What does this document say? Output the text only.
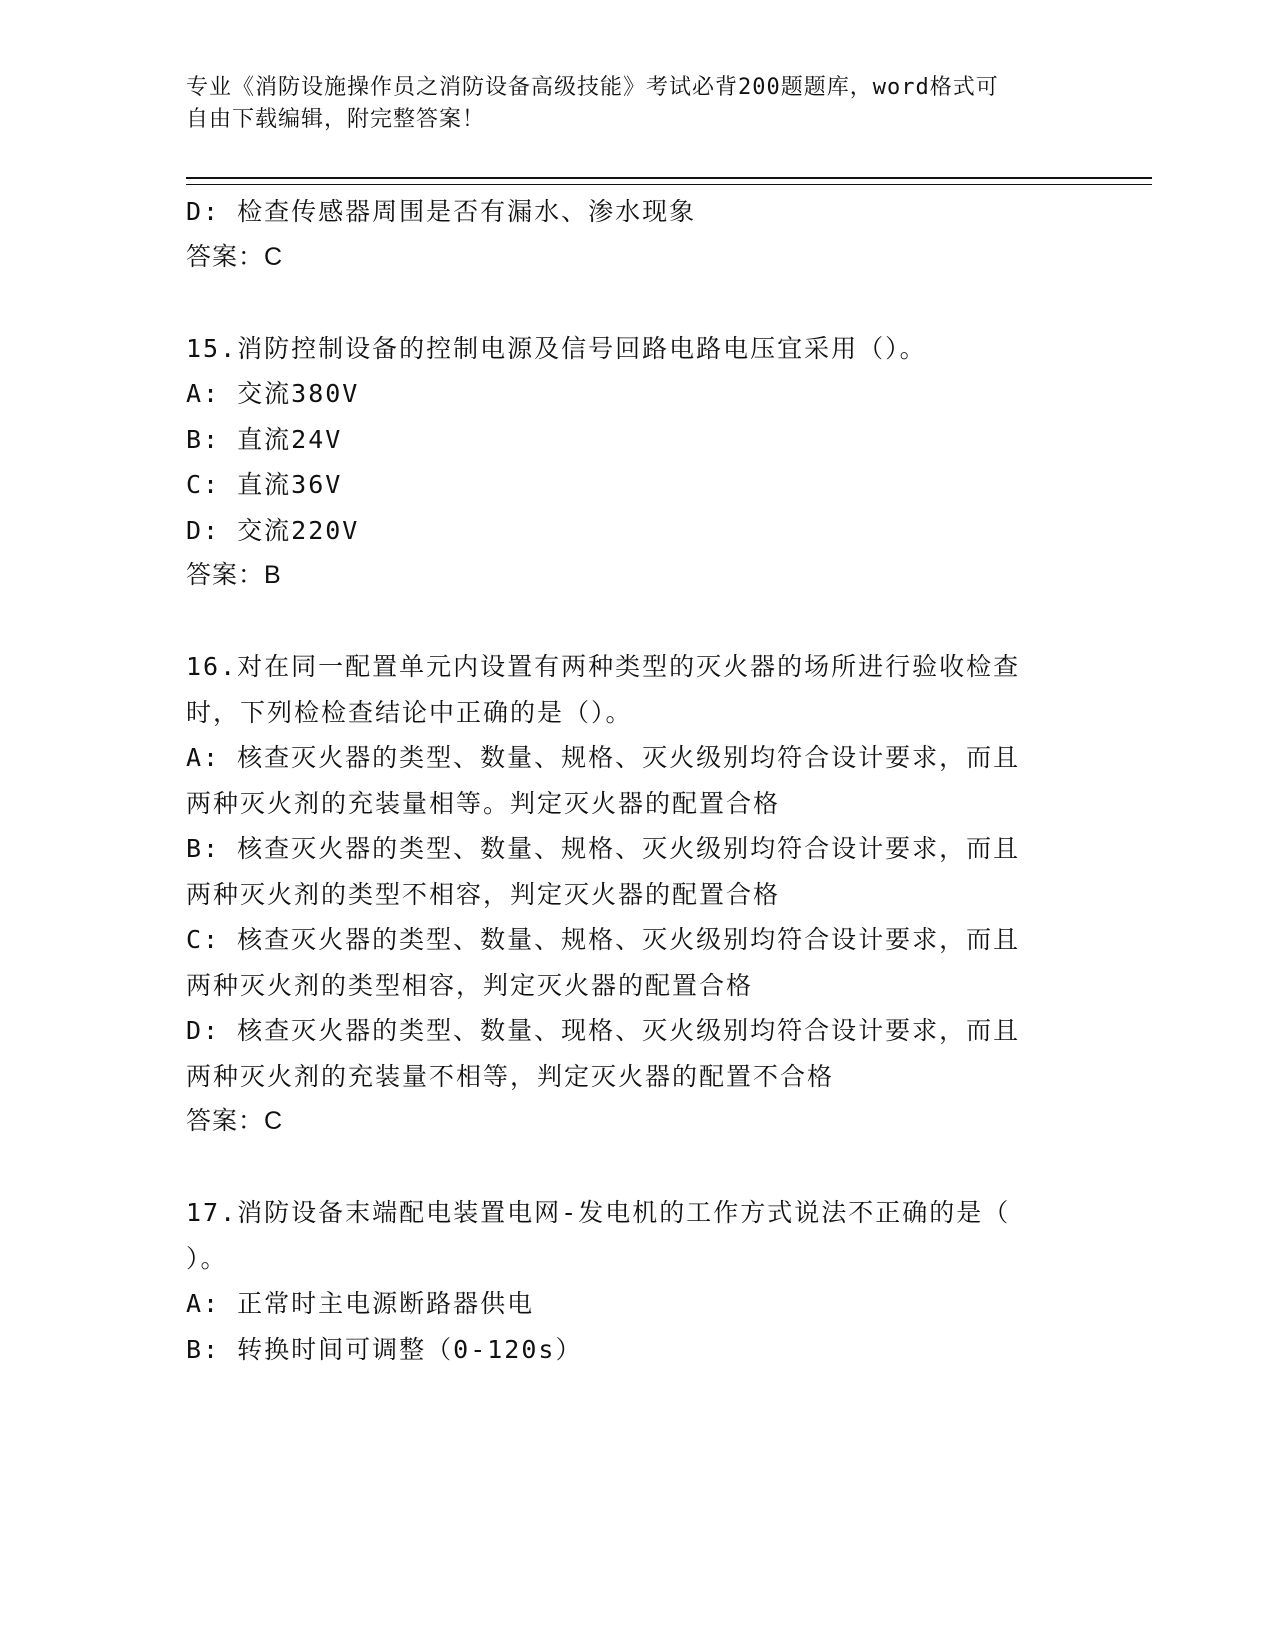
专业《消防设施操作员之消防设备高级技能》考试必背200题题库，word格式可
自由下载编辑，附完整答案！
D: 检查传感器周围是否有漏水、渗水现象
答案：C
15.消防控制设备的控制电源及信号回路电路电压宜采用（）。
A: 交流380V
B: 直流24V
C: 直流36V
D: 交流220V
答案：B
16.对在同一配置单元内设置有两种类型的灭火器的场所进行验收检查
时，下列检检查结论中正确的是（）。
A: 核查灭火器的类型、数量、规格、灭火级别均符合设计要求，而且
两种灭火剂的充装量相等。判定灭火器的配置合格
B: 核查灭火器的类型、数量、规格、灭火级别均符合设计要求，而且
两种灭火剂的类型不相容，判定灭火器的配置合格
C: 核查灭火器的类型、数量、规格、灭火级别均符合设计要求，而且
两种灭火剂的类型相容，判定灭火器的配置合格
D: 核查灭火器的类型、数量、现格、灭火级别均符合设计要求，而且
两种灭火剂的充装量不相等，判定灭火器的配置不合格
答案：C
17.消防设备末端配电装置电网-发电机的工作方式说法不正确的是（
）。
A: 正常时主电源断路器供电
B: 转换时间可调整（0-120s）
